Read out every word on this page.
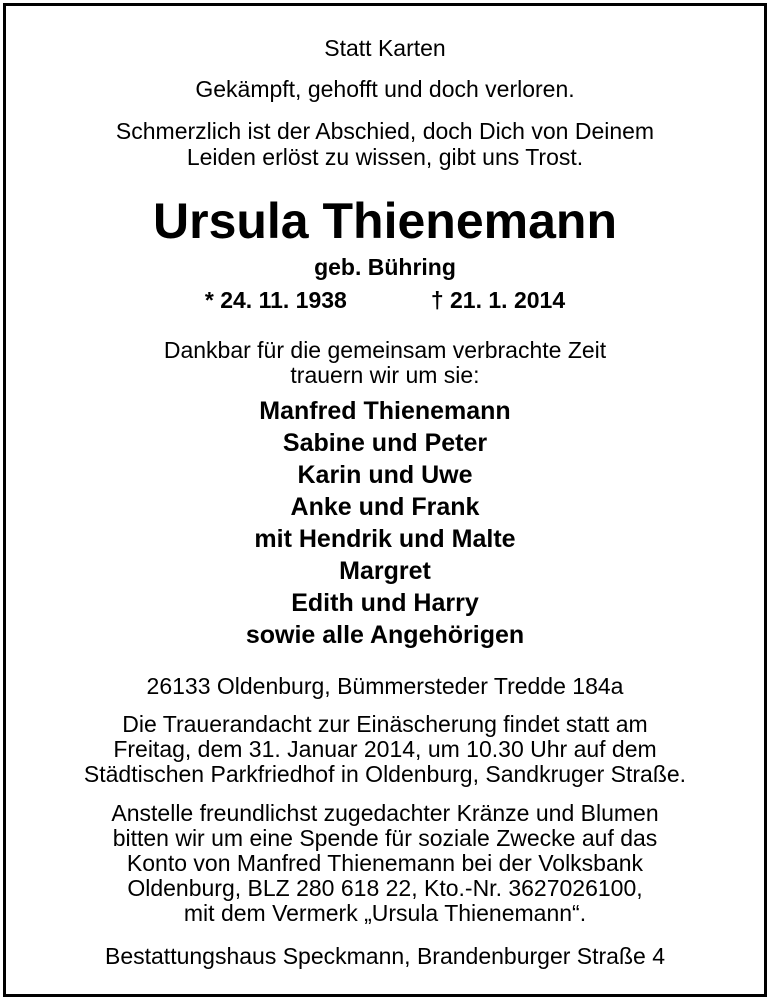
Statt Karten
Gekämpft, gehofft und doch verloren.
Schmerzlich ist der Abschied, doch Dich von Deinem
Leiden erlöst zu wissen, gibt uns Trost.
Ursula Thienemann
geb. Bühring
* 24. 11. 1938	† 21. 1. 2014
Dankbar für die gemeinsam verbrachte Zeit
trauern wir um sie:
Manfred Thienemann
Sabine und Peter
Karin und Uwe
Anke und Frank
mit Hendrik und Malte
Margret
Edith und Harry
sowie alle Angehörigen
26133 Oldenburg, Bümmersteder Tredde 184a
Die Trauerandacht zur Einäscherung findet statt am
Freitag, dem 31. Januar 2014, um 10.30 Uhr auf dem
Städtischen Parkfriedhof in Oldenburg, Sandkruger Straße.
Anstelle freundlichst zugedachter Kränze und Blumen
bitten wir um eine Spende für soziale Zwecke auf das
Konto von Manfred Thienemann bei der Volksbank
Oldenburg, BLZ 280 618 22, Kto.-Nr. 3627026100,
mit dem Vermerk „Ursula Thienemann“.
Bestattungshaus Speckmann, Brandenburger Straße 4
